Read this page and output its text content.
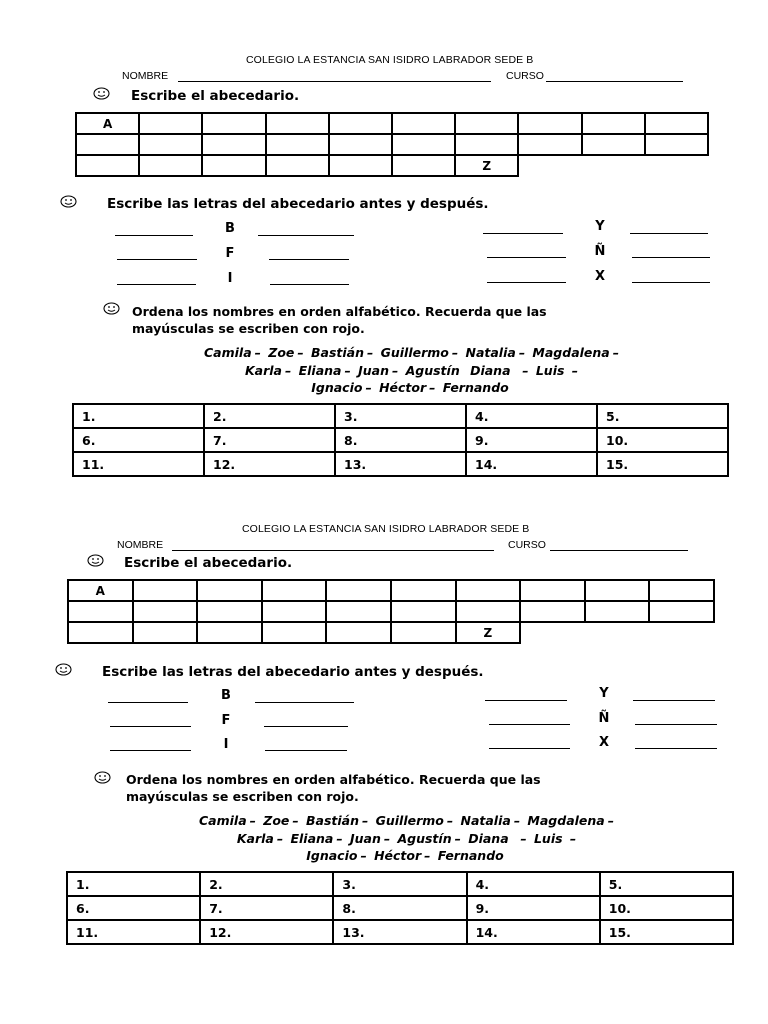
COLEGIO LA ESTANCIA SAN ISIDRO LABRADOR SEDE B
NOMBRE	CURSO
Escribe el abecedario.
A									

						Z			
Escribe las letras del abecedario antes y después.
B	Y
F	Ñ
I	X
Ordena los nombres en orden alfabético. Recuerda que las
mayúsculas se escriben con rojo.
Camila – Zoe – Bastián – Guillermo – Natalia – Magdalena –
Karla – Eliana – Juan – Agustín Diana  – Luis –
Ignacio – Héctor – Fernando
1.	2.	3.	4.	5.
6.	7.	8.	9.	10.
11.	12.	13.	14.	15.
COLEGIO LA ESTANCIA SAN ISIDRO LABRADOR SEDE B
NOMBRE	CURSO
Escribe el abecedario.
A									

						Z			
Escribe las letras del abecedario antes y después.
B	Y
F	Ñ
I	X
Ordena los nombres en orden alfabético. Recuerda que las
mayúsculas se escriben con rojo.
Camila – Zoe – Bastián – Guillermo – Natalia – Magdalena –
Karla – Eliana – Juan – Agustín – Diana  – Luis –
Ignacio – Héctor – Fernando
1.	2.	3.	4.	5.
6.	7.	8.	9.	10.
11.	12.	13.	14.	15.
